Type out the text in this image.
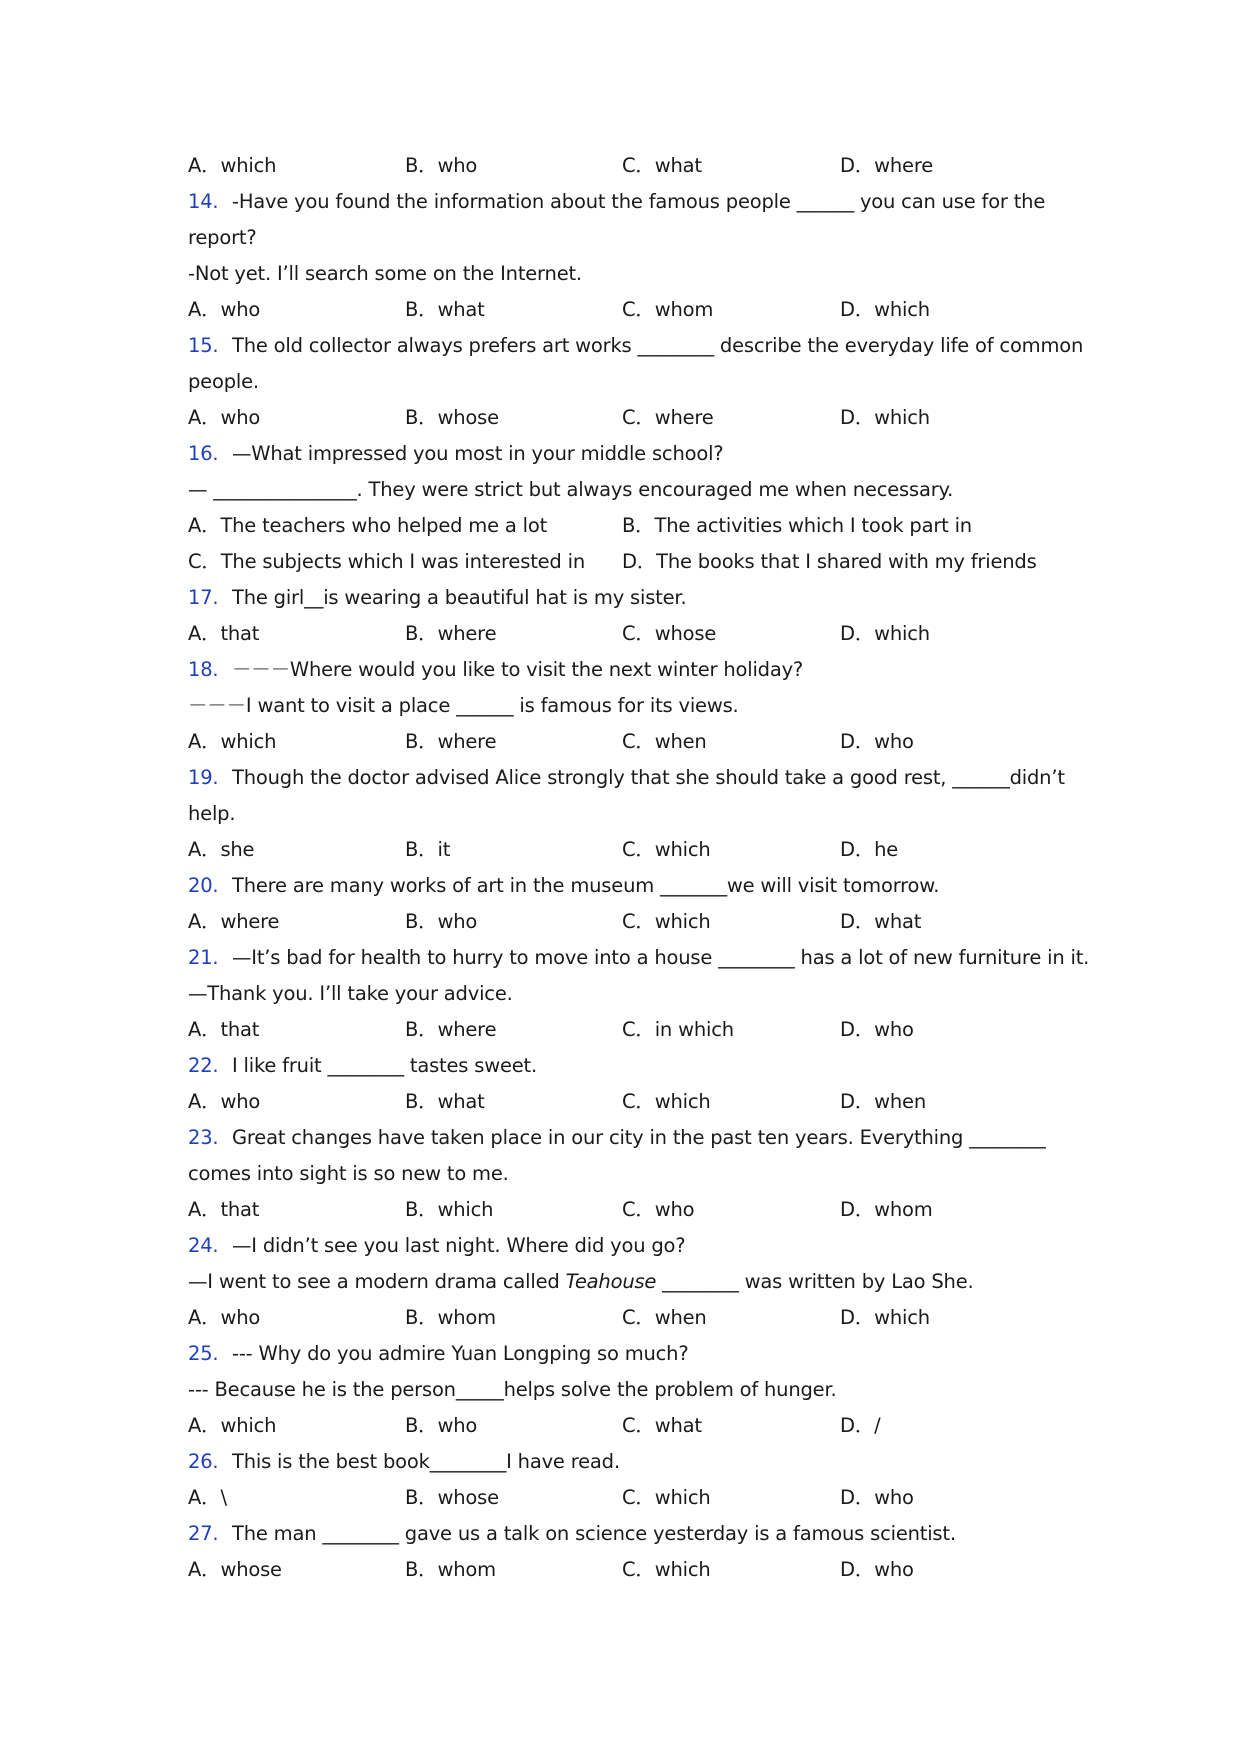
A．which	B．who	C．what	D．where
14. -Have you found the information about the famous people ______ you can use for the
report?
-Not yet. I’ll search some on the Internet.
A．who	B．what	C．whom	D．which
15. The old collector always prefers art works ________ describe the everyday life of common
people.
A．who	B．whose	C．where	D．which
16. —What impressed you most in your middle school?
— _______________. They were strict but always encouraged me when necessary.
A．The teachers who helped me a lot	B．The activities which I took part in
C．The subjects which I was interested in D．The books that I shared with my friends
17. The girl__is wearing a beautiful hat is my sister.
A．that	B．where	C．whose	D．which
18. －－－Where would you like to visit the next winter holiday?
－－－I want to visit a place ______ is famous for its views.
A．which	B．where	C．when	D．who
19. Though the doctor advised Alice strongly that she should take a good rest, ______didn’t
help.
A．she	B．it	C．which	D．he
20. There are many works of art in the museum _______we will visit tomorrow.
A．where	B．who	C．which	D．what
21. —It’s bad for health to hurry to move into a house ________ has a lot of new furniture in it.
—Thank you. I’ll take your advice.
A．that	B．where	C．in which	D．who
22. I like fruit ________ tastes sweet.
A．who	B．what	C．which	D．when
23. Great changes have taken place in our city in the past ten years. Everything ________
comes into sight is so new to me.
A．that	B．which	C．who	D．whom
24. —I didn’t see you last night. Where did you go?
—I went to see a modern drama called Teahouse ________ was written by Lao She.
A．who	B．whom	C．when	D．which
25. --- Why do you admire Yuan Longping so much?
--- Because he is the person_____helps solve the problem of hunger.
A．which	B．who	C．what	D．/
26. This is the best book________I have read.
A．\	B．whose	C．which	D．who
27. The man ________ gave us a talk on science yesterday is a famous scientist.
A．whose	B．whom	C．which	D．who
